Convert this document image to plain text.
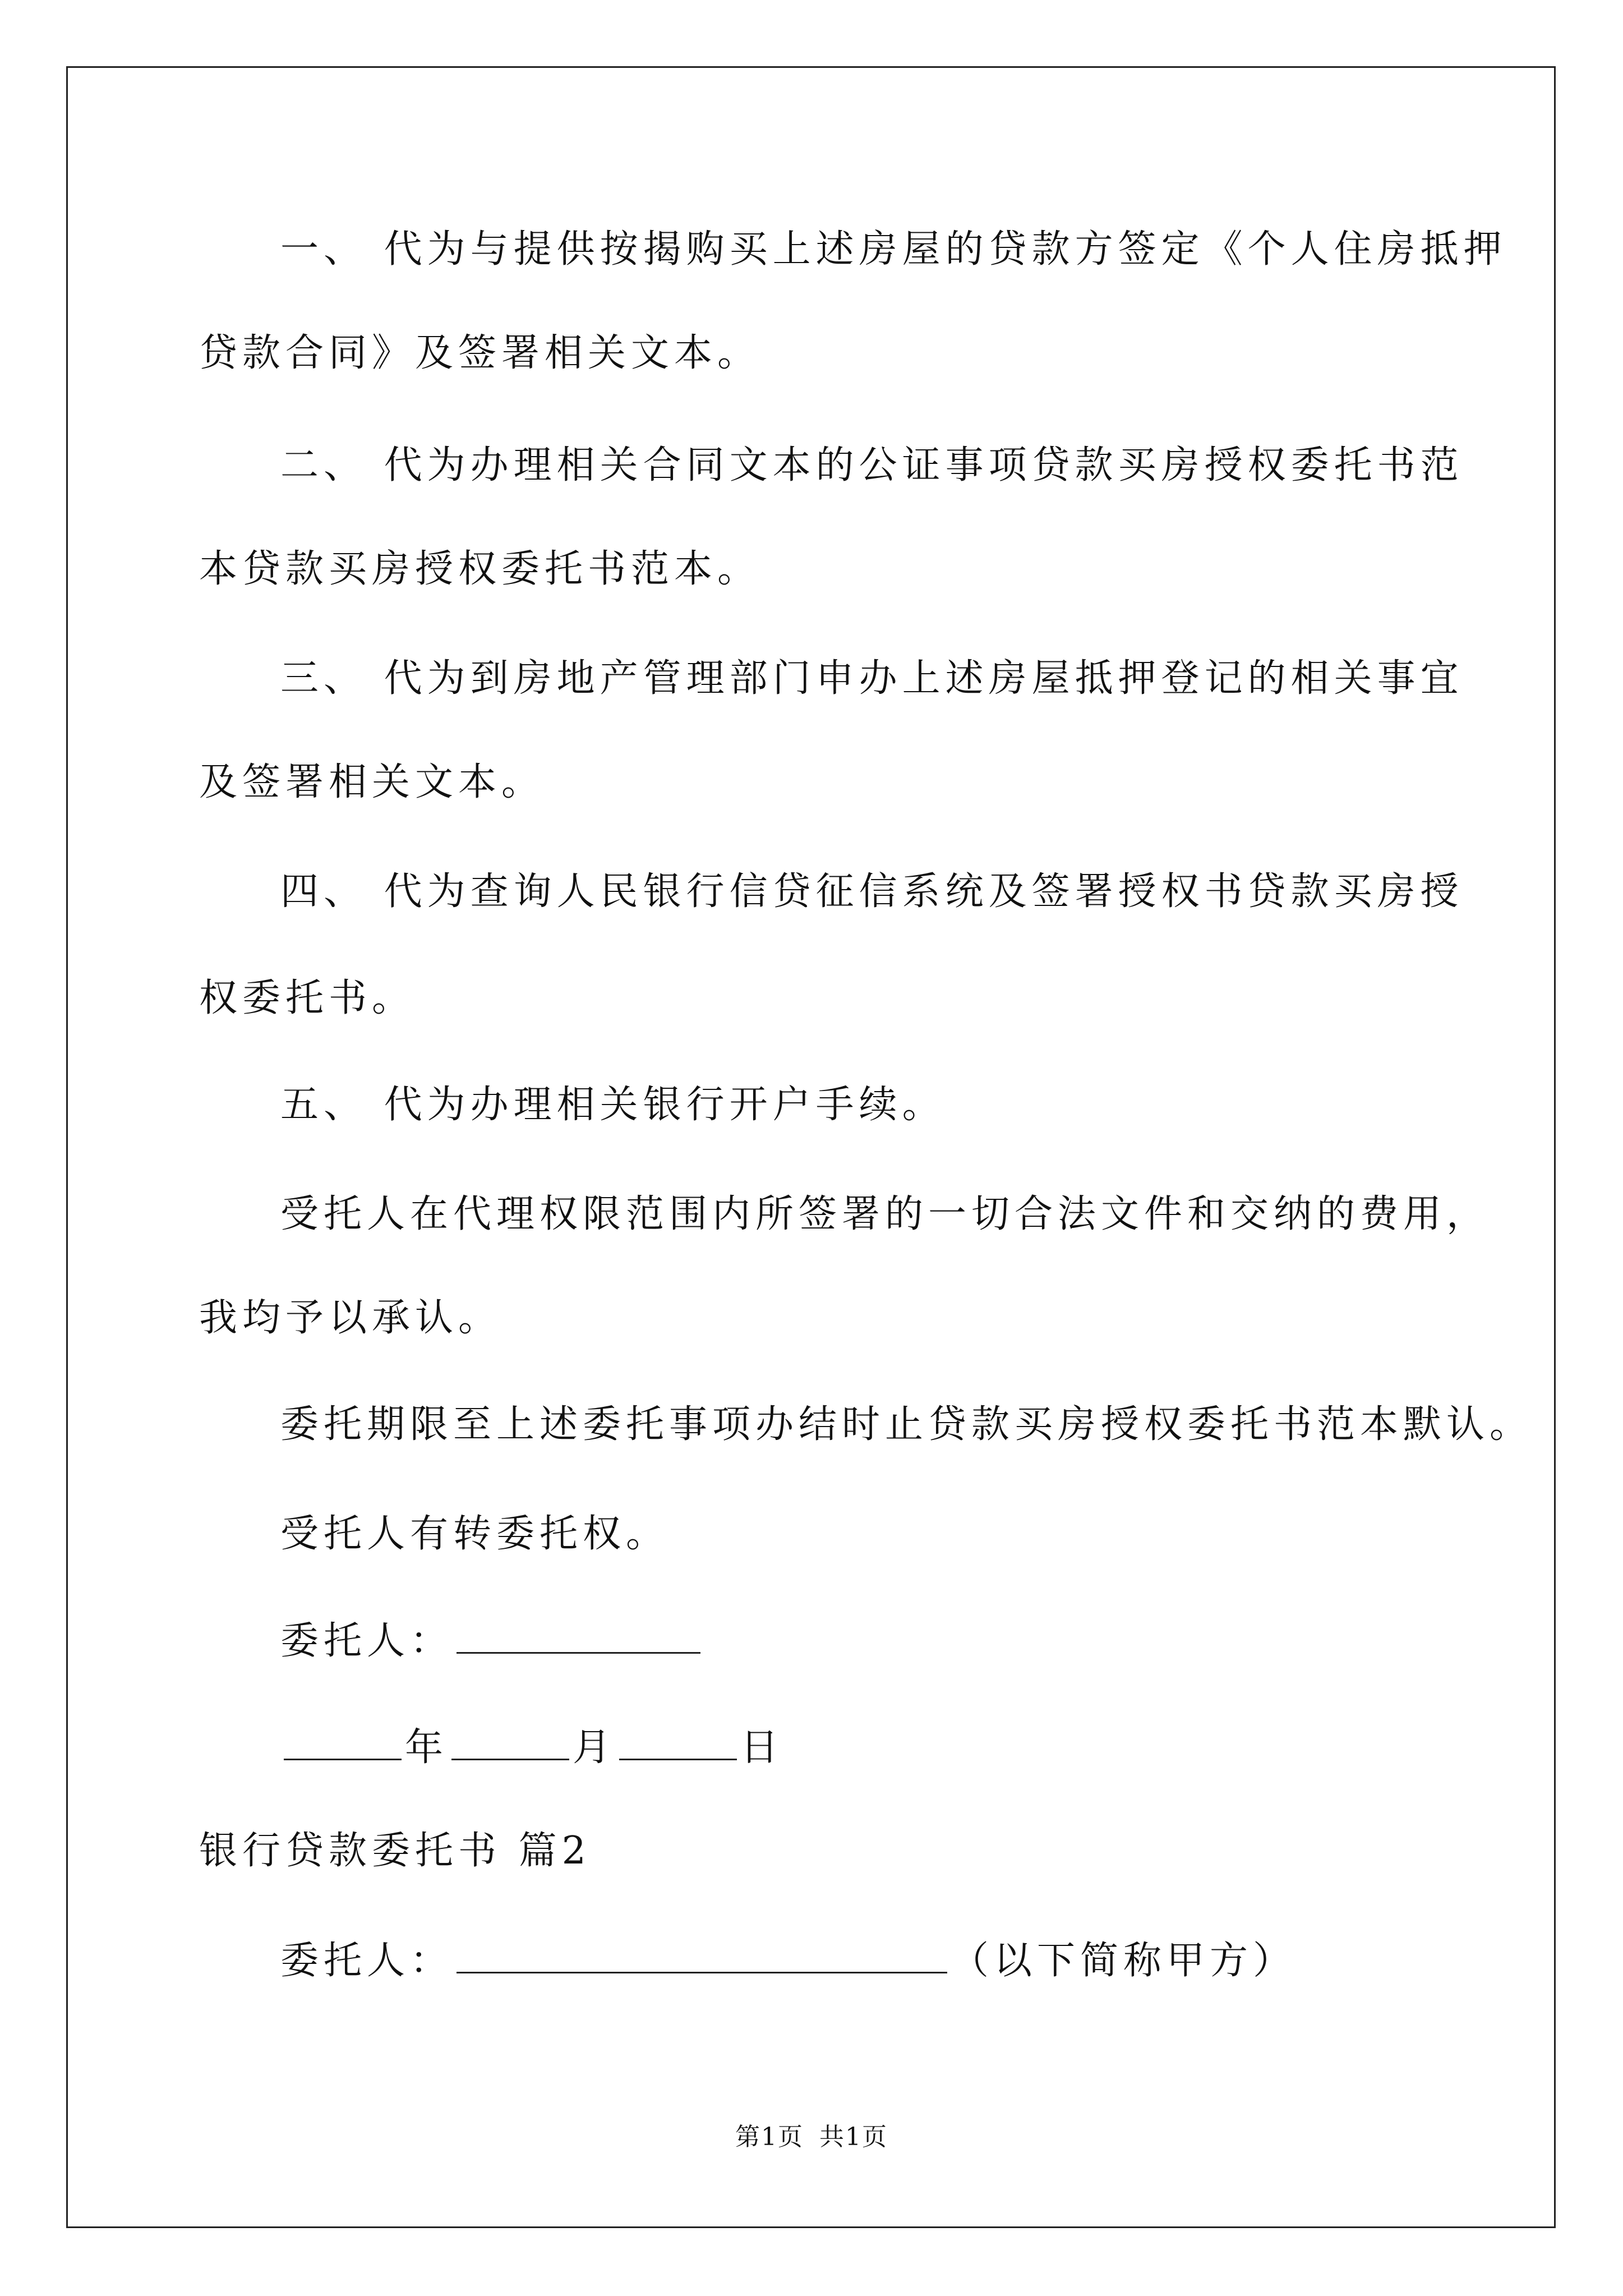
一、 代为与提供按揭购买上述房屋的贷款方签定《个人住房抵押
贷款合同》及签署相关文本。
二、 代为办理相关合同文本的公证事项贷款买房授权委托书范
本贷款买房授权委托书范本。
三、 代为到房地产管理部门申办上述房屋抵押登记的相关事宜
及签署相关文本。
四、 代为查询人民银行信贷征信系统及签署授权书贷款买房授
权委托书。
五、 代为办理相关银行开户手续。
受托人在代理权限范围内所签署的一切合法文件和交纳的费用，
我均予以承认。
委托期限至上述委托事项办结时止贷款买房授权委托书范本默认。
受托人有转委托权。
委托人：
年	月	日
银行贷款委托书 篇2
委托人：	（以下简称甲方）
第1页 共1页
